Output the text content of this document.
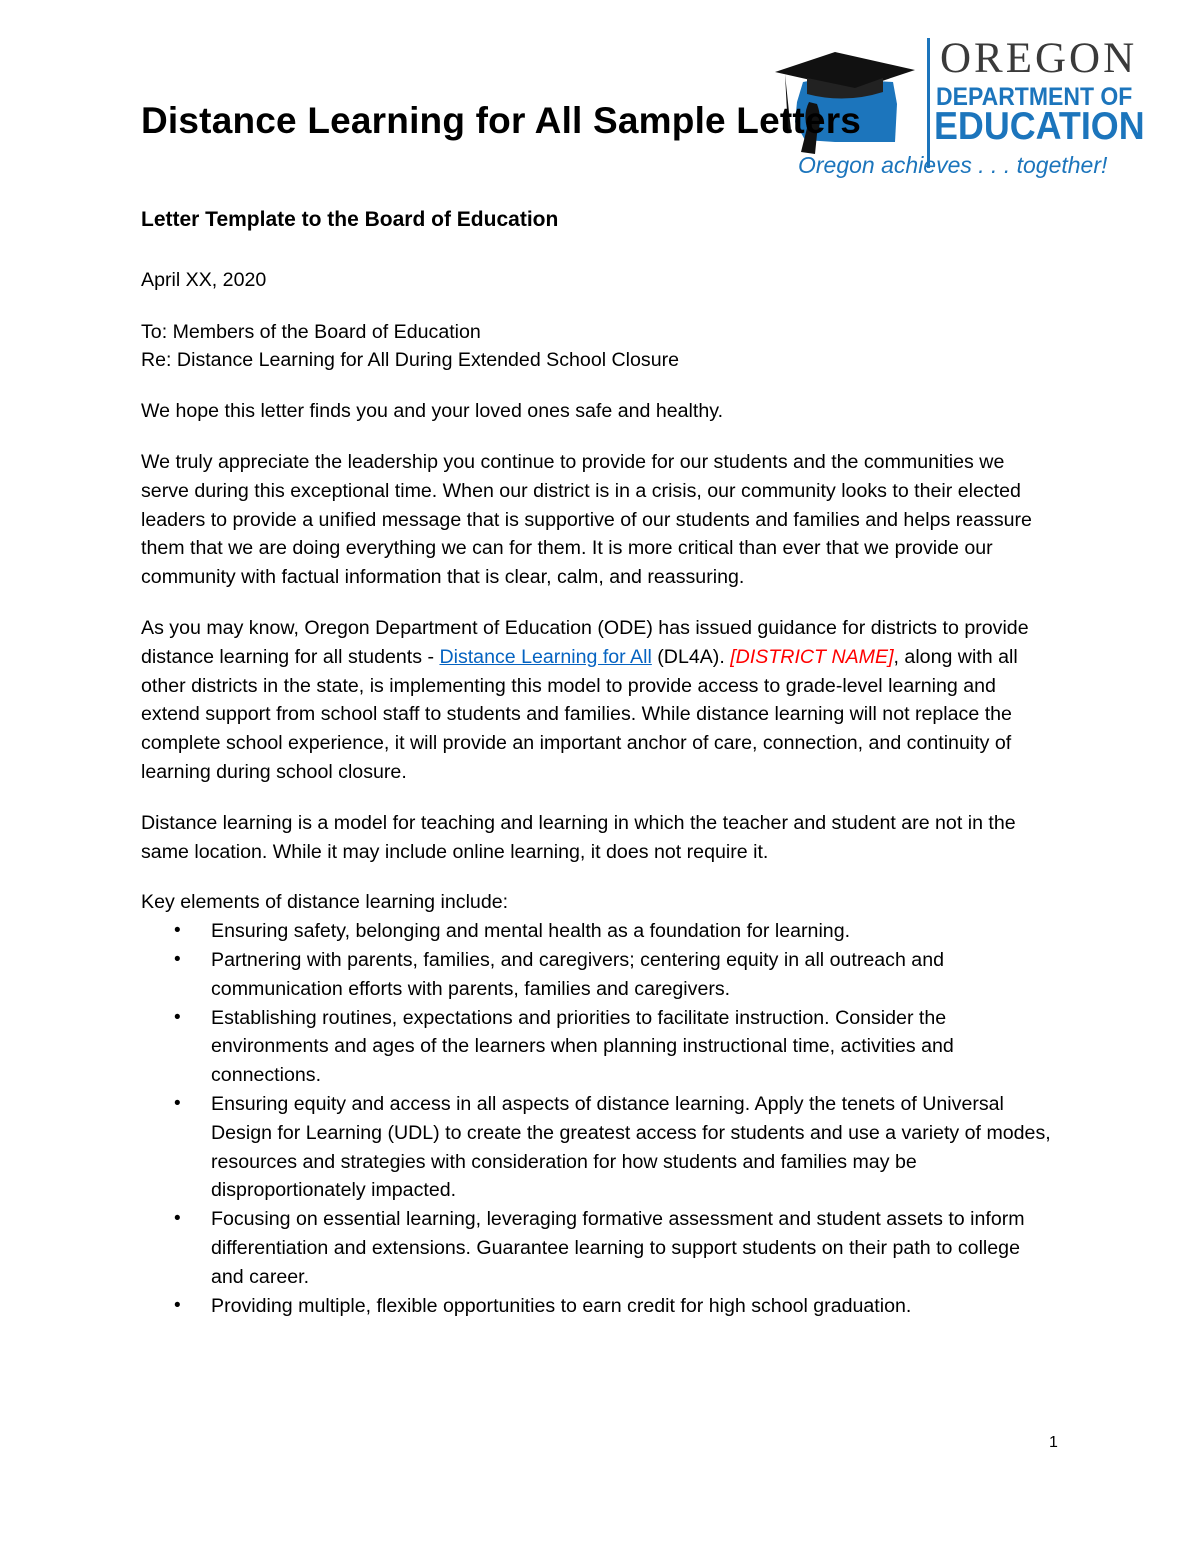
OREGON
DEPARTMENT OF
EDUCATION
Oregon achieves . . . together!
Distance Learning for All Sample Letters

Letter Template to the Board of Education

April XX, 2020

To: Members of the Board of Education

Re: Distance Learning for All During Extended School Closure

We hope this letter finds you and your loved ones safe and healthy.

We truly appreciate the leadership you continue to provide for our students and the communities we serve during this exceptional time. When our district is in a crisis, our community looks to their elected leaders to provide a unified message that is supportive of our students and families and helps reassure them that we are doing everything we can for them. It is more critical than ever that we provide our community with factual information that is clear, calm, and reassuring.

As you may know, Oregon Department of Education (ODE) has issued guidance for districts to provide distance learning for all students - Distance Learning for All (DL4A). [DISTRICT NAME], along with all other districts in the state, is implementing this model to provide access to grade-level learning and extend support from school staff to students and families. While distance learning will not replace the complete school experience, it will provide an important anchor of care, connection, and continuity of learning during school closure.

Distance learning is a model for teaching and learning in which the teacher and student are not in the same location. While it may include online learning, it does not require it.

Key elements of distance learning include:

• Ensuring safety, belonging and mental health as a foundation for learning.
• Partnering with parents, families, and caregivers; centering equity in all outreach and communication efforts with parents, families and caregivers.
• Establishing routines, expectations and priorities to facilitate instruction. Consider the environments and ages of the learners when planning instructional time, activities and connections.
• Ensuring equity and access in all aspects of distance learning. Apply the tenets of Universal Design for Learning (UDL) to create the greatest access for students and use a variety of modes, resources and strategies with consideration for how students and families may be disproportionately impacted.
• Focusing on essential learning, leveraging formative assessment and student assets to inform differentiation and extensions. Guarantee learning to support students on their path to college and career.
• Providing multiple, flexible opportunities to earn credit for high school graduation.
1
